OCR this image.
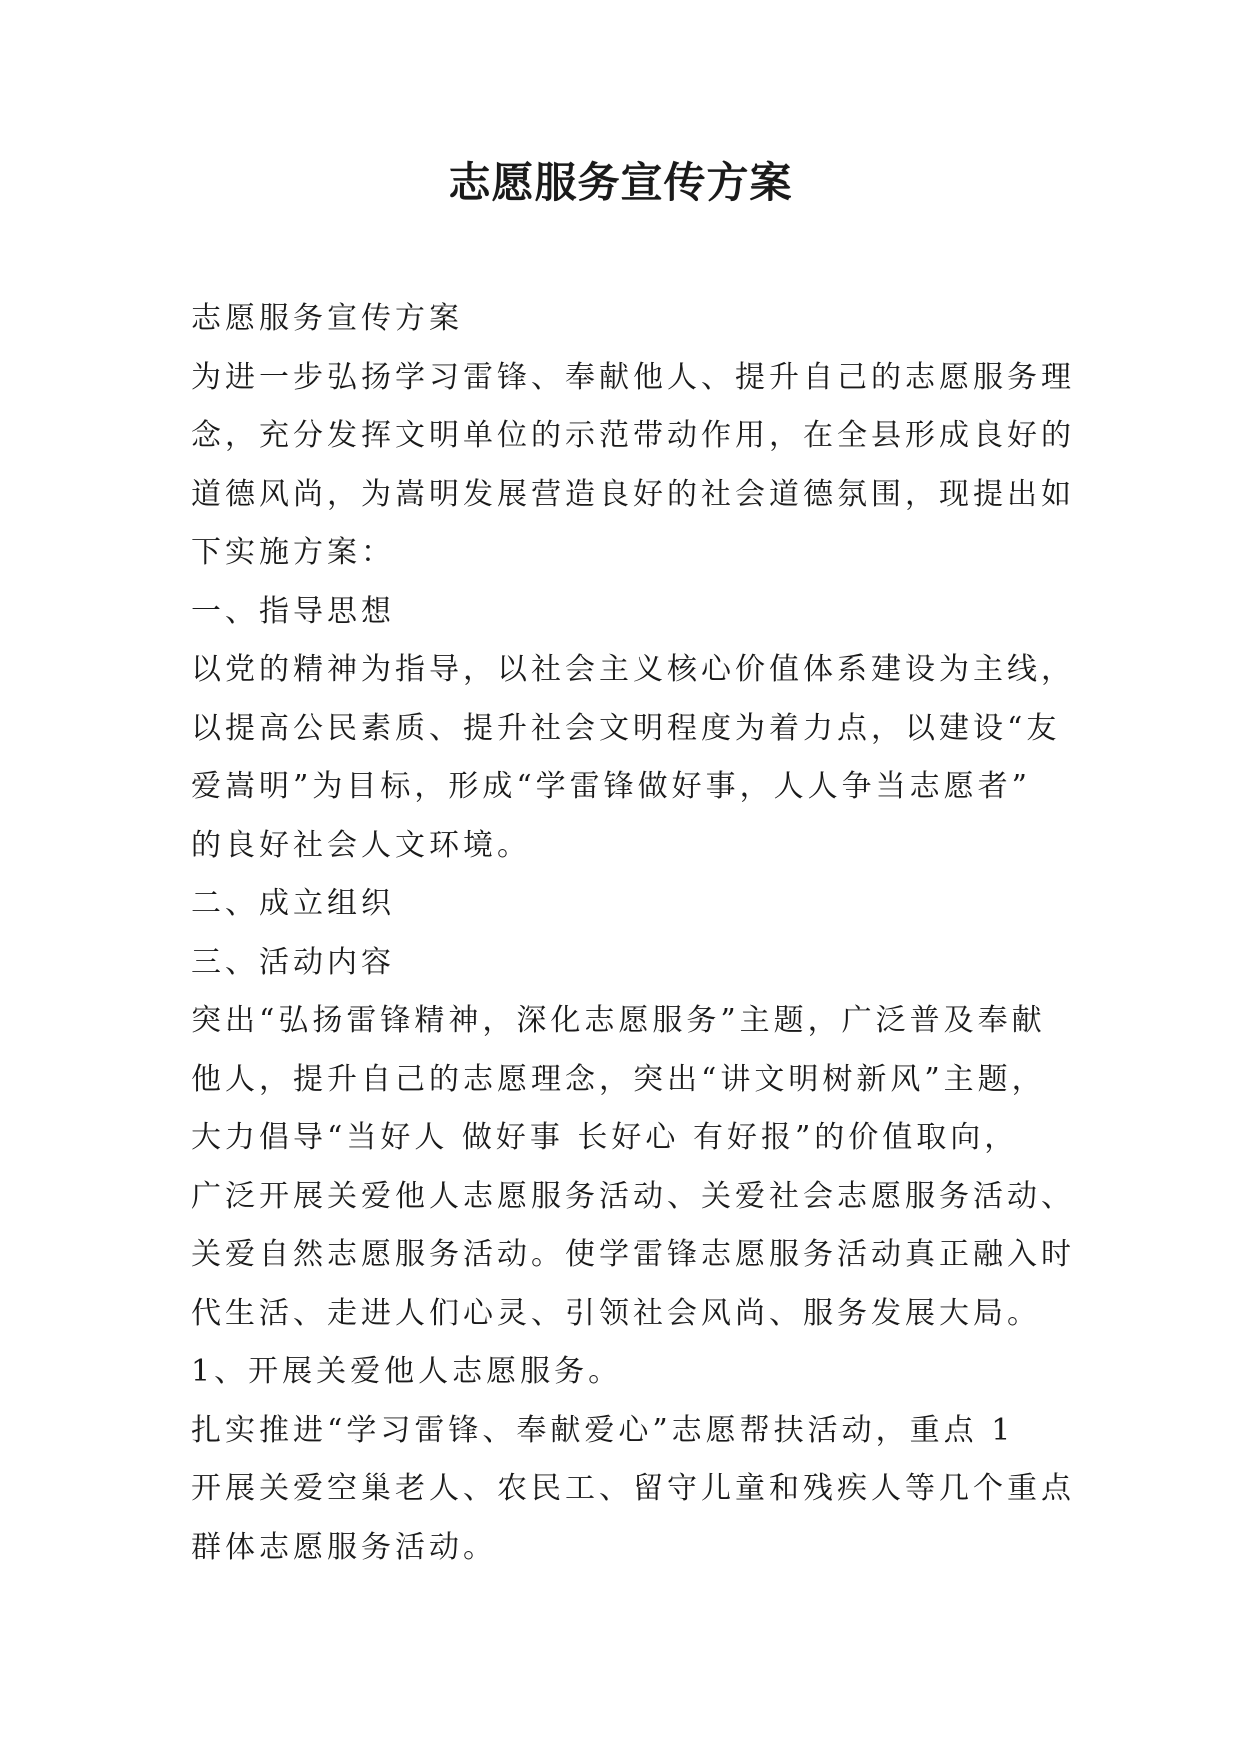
志愿服务宣传方案

志愿服务宣传方案

为进一步弘扬学习雷锋、奉献他人、提升自己的志愿服务理

念，充分发挥文明单位的示范带动作用，在全县形成良好的

道德风尚，为嵩明发展营造良好的社会道德氛围，现提出如

下实施方案：

一、指导思想

以党的精神为指导，以社会主义核心价值体系建设为主线，

以提高公民素质、提升社会文明程度为着力点，以建设“友

爱嵩明”为目标，形成“学雷锋做好事，人人争当志愿者”

的良好社会人文环境。

二、成立组织

三、活动内容

突出“弘扬雷锋精神，深化志愿服务”主题，广泛普及奉献

他人，提升自己的志愿理念，突出“讲文明树新风”主题，

大力倡导“当好人 做好事 长好心 有好报”的价值取向，

广泛开展关爱他人志愿服务活动、关爱社会志愿服务活动、

关爱自然志愿服务活动。使学雷锋志愿服务活动真正融入时

代生活、走进人们心灵、引领社会风尚、服务发展大局。

1、开展关爱他人志愿服务。

扎实推进“学习雷锋、奉献爱心”志愿帮扶活动，重点 1

开展关爱空巢老人、农民工、留守儿童和残疾人等几个重点

群体志愿服务活动。
